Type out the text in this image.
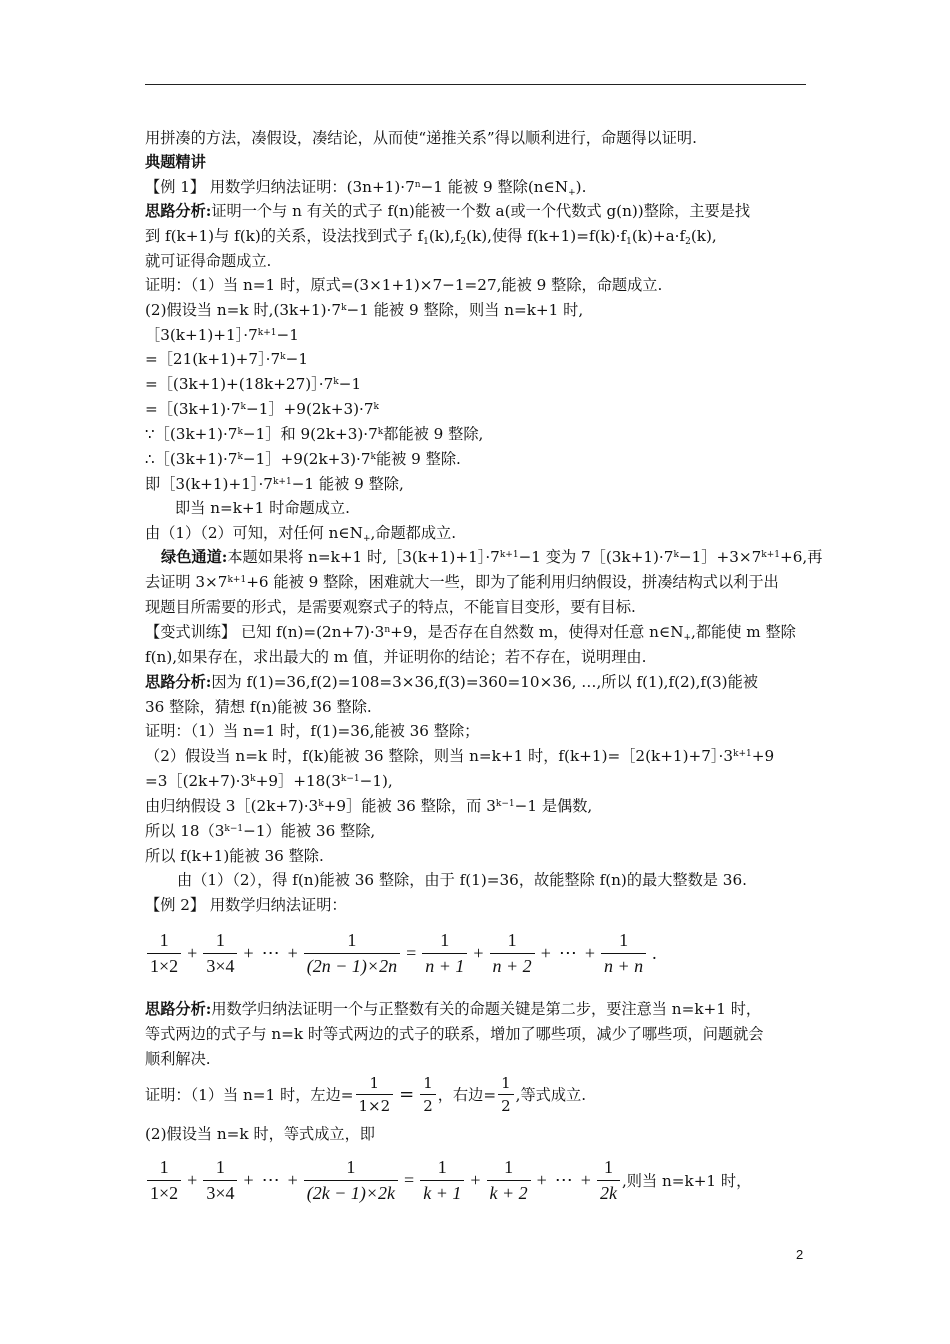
用拼凑的方法，凑假设，凑结论，从而使“递推关系”得以顺利进行，命题得以证明.
典题精讲
【例 1】 用数学归纳法证明：$(3n+1)\cdot 7^n-1$ 能被 9 整除$(n\in N_+)$.
思路分析:证明一个与 n 有关的式子 f(n)能被一个数 a(或一个代数式 g(n))整除，主要是找
到 f(k+1)与 f(k)的关系，设法找到式子 $f_1(k),f_2(k)$,使得 $f(k+1)=f(k)\cdot f_1(k)+a\cdot f_2(k)$,
就可证得命题成立.
证明：（1）当 n=1 时，原式=(3×1+1)×7−1=27,能被 9 整除，命题成立.
(2)假设当 n=k 时$,(3k+1)\cdot 7^k-1$ 能被 9 整除，则当 n=k+1 时,
$[3(k+1)+1]\cdot 7^{k+1}-1$
$=[21(k+1)+7]\cdot 7^k-1$
$=[(3k+1)+(18k+27)]\cdot 7^k-1$
$=[(3k+1)\cdot 7^k-1]+9(2k+3)\cdot 7^k$
$\because[(3k+1)\cdot 7^k-1]$和 $9(2k+3)\cdot 7^k$都能被 9 整除,
$\therefore[(3k+1)\cdot 7^k-1]+9(2k+3)\cdot 7^k$能被 9 整除.
即$[3(k+1)+1]\cdot 7^{k+1}-1$ 能被 9 整除,
即当 n=k+1 时命题成立.
由（1）（2）可知，对任何 $n\in N_+$,命题都成立.
绿色通道:本题如果将 n=k+1 时$,[3(k+1)+1]\cdot 7^{k+1}-1$ 变为 $7[(3k+1)\cdot 7^k-1]+3\times 7^{k+1}+6$,再
去证明 $3\times 7^{k+1}+6$ 能被 9 整除，困难就大一些，即为了能利用归纳假设，拼凑结构式以利于出
现题目所需要的形式，是需要观察式子的特点，不能盲目变形，要有目标.
【变式训练】 已知 $f(n)=(2n+7)\cdot 3^n+9$，是否存在自然数 m，使得对任意 $n\in N_+$,都能使 m 整除
f(n),如果存在，求出最大的 m 值，并证明你的结论；若不存在，说明理由.
思路分析:因为 f(1)=36,f(2)=108=3×36,f(3)=360=10×36, …,所以 f(1),f(2),f(3)能被
36 整除，猜想 f(n)能被 36 整除.
证明：（1）当 n=1 时，f(1)=36,能被 36 整除；
（2）假设当 n=k 时，f(k)能被 36 整除，则当 n=k+1 时，$f(k+1)=[2(k+1)+7]\cdot 3^{k+1}+9$
$=3[(2k+7)\cdot 3^k+9]+18(3^{k-1}-1)$,
由归纳假设 $3[(2k+7)\cdot 3^k+9]$能被 36 整除，而 $3^{k-1}-1$ 是偶数,
所以 $18(3^{k-1}-1)$能被 36 整除,
所以 f(k+1)能被 36 整除.
由（1）（2），得 f(n)能被 36 整除，由于 f(1)=36，故能整除 f(n)的最大整数是 36.
【例 2】 用数学归纳法证明：
$\frac{1}{1\times 2} + \frac{1}{3\times 4}$ + ⋯ + $\frac{1}{(2n - 1)\times 2n} = \frac{1}{n + 1} + \frac{1}{n + 2}$ + ⋯ + $\frac{1}{n + n}$ .
思路分析:用数学归纳法证明一个与正整数有关的命题关键是第二步，要注意当 n=k+1 时，
等式两边的式子与 n=k 时等式两边的式子的联系，增加了哪些项，减少了哪些项，问题就会
顺利解决.
证明：（1）当 n=1 时，左边= $\frac{1}{1\times 2} = \frac{1}{2}$ ，右边= $\frac{1}{2}$ ,等式成立.
(2)假设当 n=k 时，等式成立，即
$\frac{1}{1\times 2} + \frac{1}{3\times 4}$ + ⋯ + $\frac{1}{(2k - 1)\times 2k} = \frac{1}{k + 1} + \frac{1}{k + 2}$ + ⋯ + $\frac{1}{2k}$ ,则当 n=k+1 时，
2
